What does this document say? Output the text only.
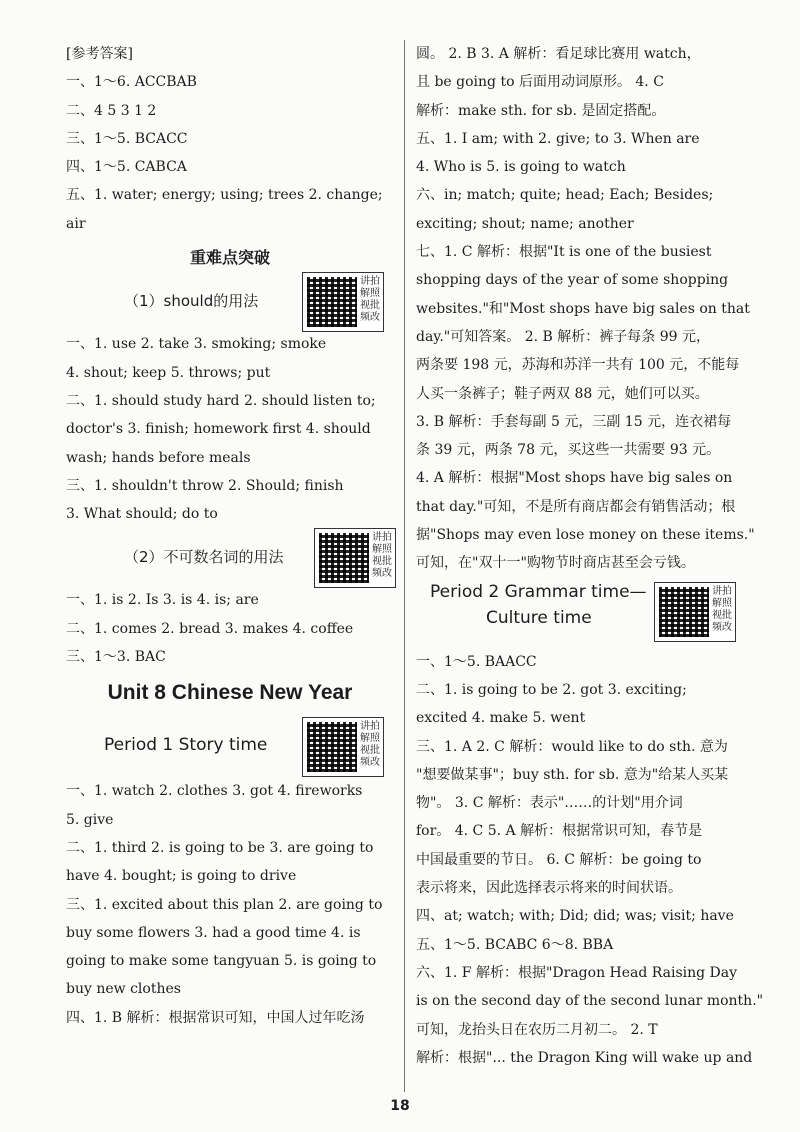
[参考答案]
一、1～6. ACCBAB
二、4 5 3 1 2
三、1～5. BCACC
四、1～5. CABCA
五、1. water; energy; using; trees 2. change;
air
重难点突破
（1）should的用法
讲拍解照视批频改
一、1. use 2. take 3. smoking; smoke
4. shout; keep 5. throws; put
二、1. should study hard 2. should listen to;
doctor's 3. finish; homework first 4. should
wash; hands before meals
三、1. shouldn't throw 2. Should; finish
3. What should; do to
（2）不可数名词的用法
讲拍解照视批频改
一、1. is 2. Is 3. is 4. is; are
二、1. comes 2. bread 3. makes 4. coffee
三、1～3. BAC
Unit 8 Chinese New Year
Period 1 Story time
讲拍解照视批频改
一、1. watch 2. clothes 3. got 4. fireworks
5. give
二、1. third 2. is going to be 3. are going to
have 4. bought; is going to drive
三、1. excited about this plan 2. are going to
buy some flowers 3. had a good time 4. is
going to make some tangyuan 5. is going to
buy new clothes
四、1. B 解析：根据常识可知，中国人过年吃汤
圆。 2. B 3. A 解析：看足球比赛用 watch，
且 be going to 后面用动词原形。 4. C
解析：make sth. for sb. 是固定搭配。
五、1. I am; with 2. give; to 3. When are
4. Who is 5. is going to watch
六、in; match; quite; head; Each; Besides;
exciting; shout; name; another
七、1. C 解析：根据"It is one of the busiest
shopping days of the year of some shopping
websites."和"Most shops have big sales on that
day."可知答案。 2. B 解析：裤子每条 99 元，
两条要 198 元，苏海和苏洋一共有 100 元，不能每
人买一条裤子；鞋子两双 88 元，她们可以买。
3. B 解析：手套每副 5 元，三副 15 元，连衣裙每
条 39 元，两条 78 元，买这些一共需要 93 元。
4. A 解析：根据"Most shops have big sales on
that day."可知，不是所有商店都会有销售活动；根
据"Shops may even lose money on these items."
可知，在"双十一"购物节时商店甚至会亏钱。
Period 2 Grammar time—
Culture time
讲拍解照视批频改
一、1～5. BAACC
二、1. is going to be 2. got 3. exciting;
excited 4. make 5. went
三、1. A 2. C 解析：would like to do sth. 意为
"想要做某事"；buy sth. for sb. 意为"给某人买某
物"。 3. C 解析：表示"……的计划"用介词
for。 4. C 5. A 解析：根据常识可知，春节是
中国最重要的节日。 6. C 解析：be going to
表示将来，因此选择表示将来的时间状语。
四、at; watch; with; Did; did; was; visit; have
五、1～5. BCABC 6～8. BBA
六、1. F 解析：根据"Dragon Head Raising Day
is on the second day of the second lunar month."
可知，龙抬头日在农历二月初二。 2. T
解析：根据"... the Dragon King will wake up and
18
